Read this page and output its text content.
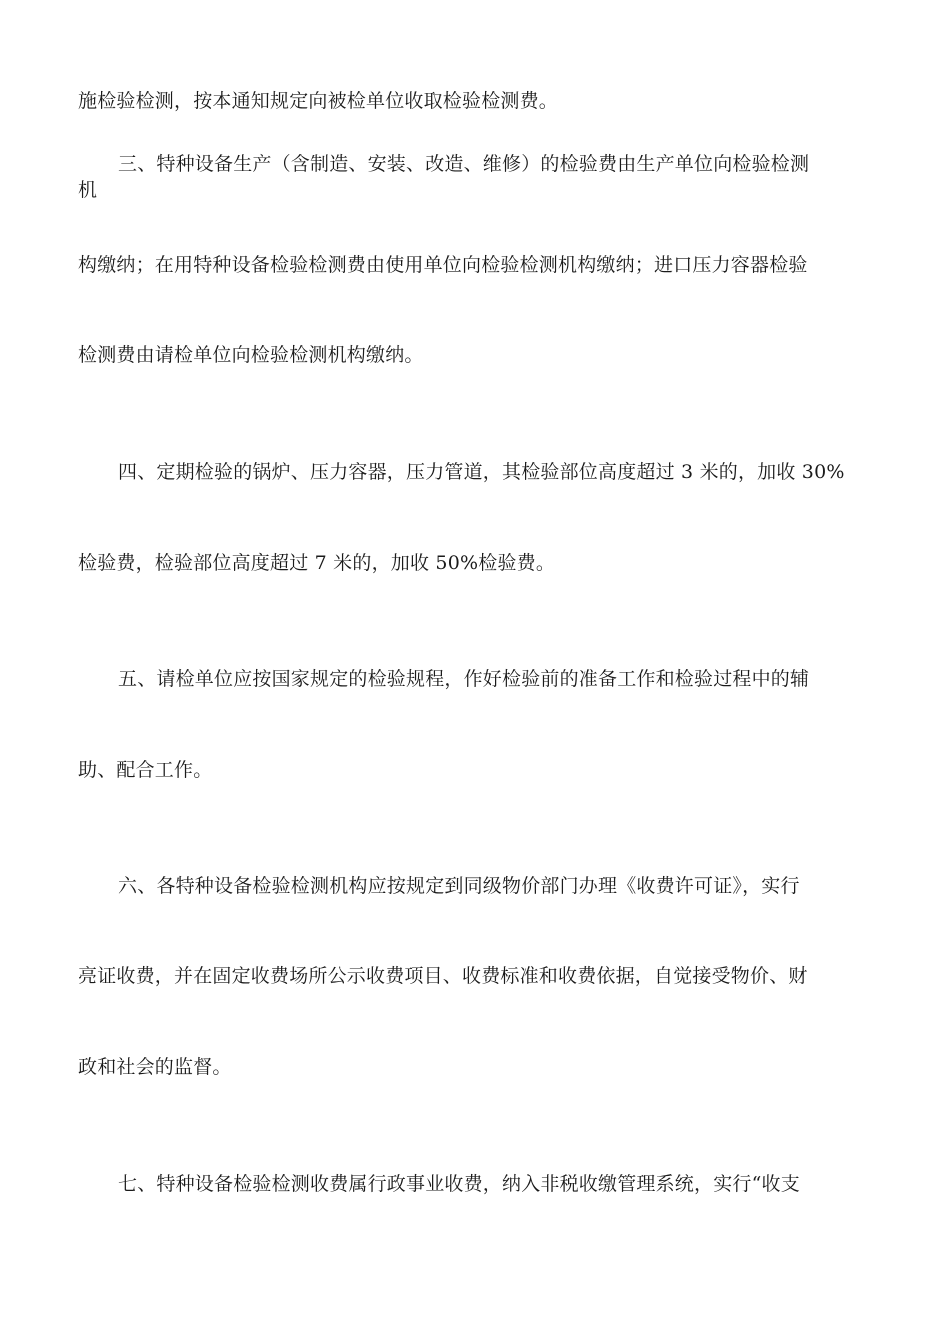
施检验检测，按本通知规定向被检单位收取检验检测费。

三、特种设备生产（含制造、安装、改造、维修）的检验费由生产单位向检验检测

机

构缴纳；在用特种设备检验检测费由使用单位向检验检测机构缴纳；进口压力容器检验

检测费由请检单位向检验检测机构缴纳。

四、定期检验的锅炉、压力容器，压力管道，其检验部位高度超过 3 米的，加收 30%

检验费，检验部位高度超过 7 米的，加收 50%检验费。

五、请检单位应按国家规定的检验规程，作好检验前的准备工作和检验过程中的辅

助、配合工作。

六、各特种设备检验检测机构应按规定到同级物价部门办理《收费许可证》，实行

亮证收费，并在固定收费场所公示收费项目、收费标准和收费依据，自觉接受物价、财

政和社会的监督。

七、特种设备检验检测收费属行政事业收费，纳入非税收缴管理系统，实行“收支
